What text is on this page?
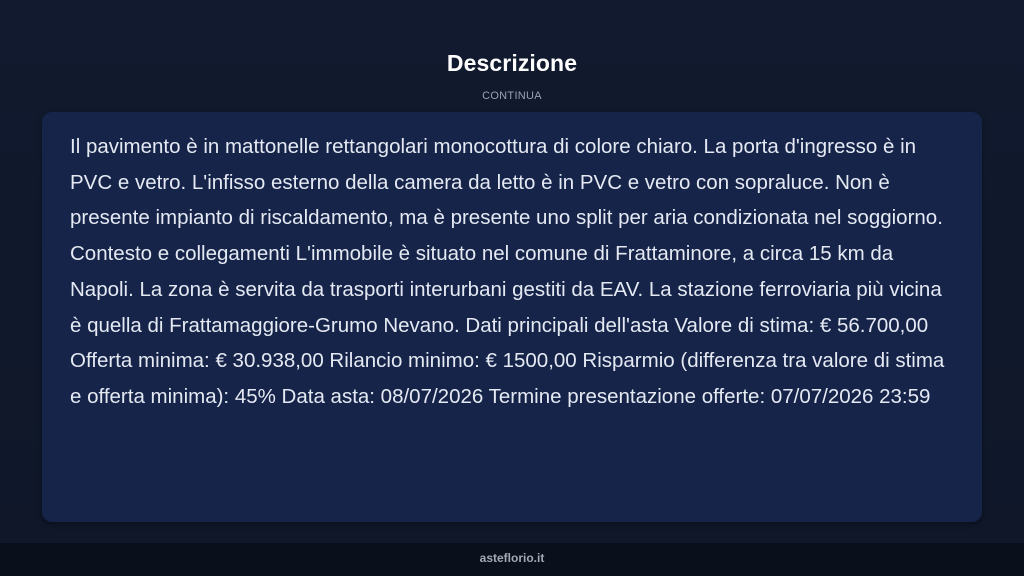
Descrizione
CONTINUA

Il pavimento è in mattonelle rettangolari monocottura di colore chiaro. La porta d'ingresso è in PVC e vetro. L'infisso esterno della camera da letto è in PVC e vetro con sopraluce. Non è presente impianto di riscaldamento, ma è presente uno split per aria condizionata nel soggiorno. Contesto e collegamenti L'immobile è situato nel comune di Frattaminore, a circa 15 km da Napoli. La zona è servita da trasporti interurbani gestiti da EAV. La stazione ferroviaria più vicina è quella di Frattamaggiore-Grumo Nevano. Dati principali dell'asta Valore di stima: € 56.700,00 Offerta minima: € 30.938,00 Rilancio minimo: € 1500,00 Risparmio (differenza tra valore di stima e offerta minima): 45% Data asta: 08/07/2026 Termine presentazione offerte: 07/07/2026 23:59

asteflorio.it
